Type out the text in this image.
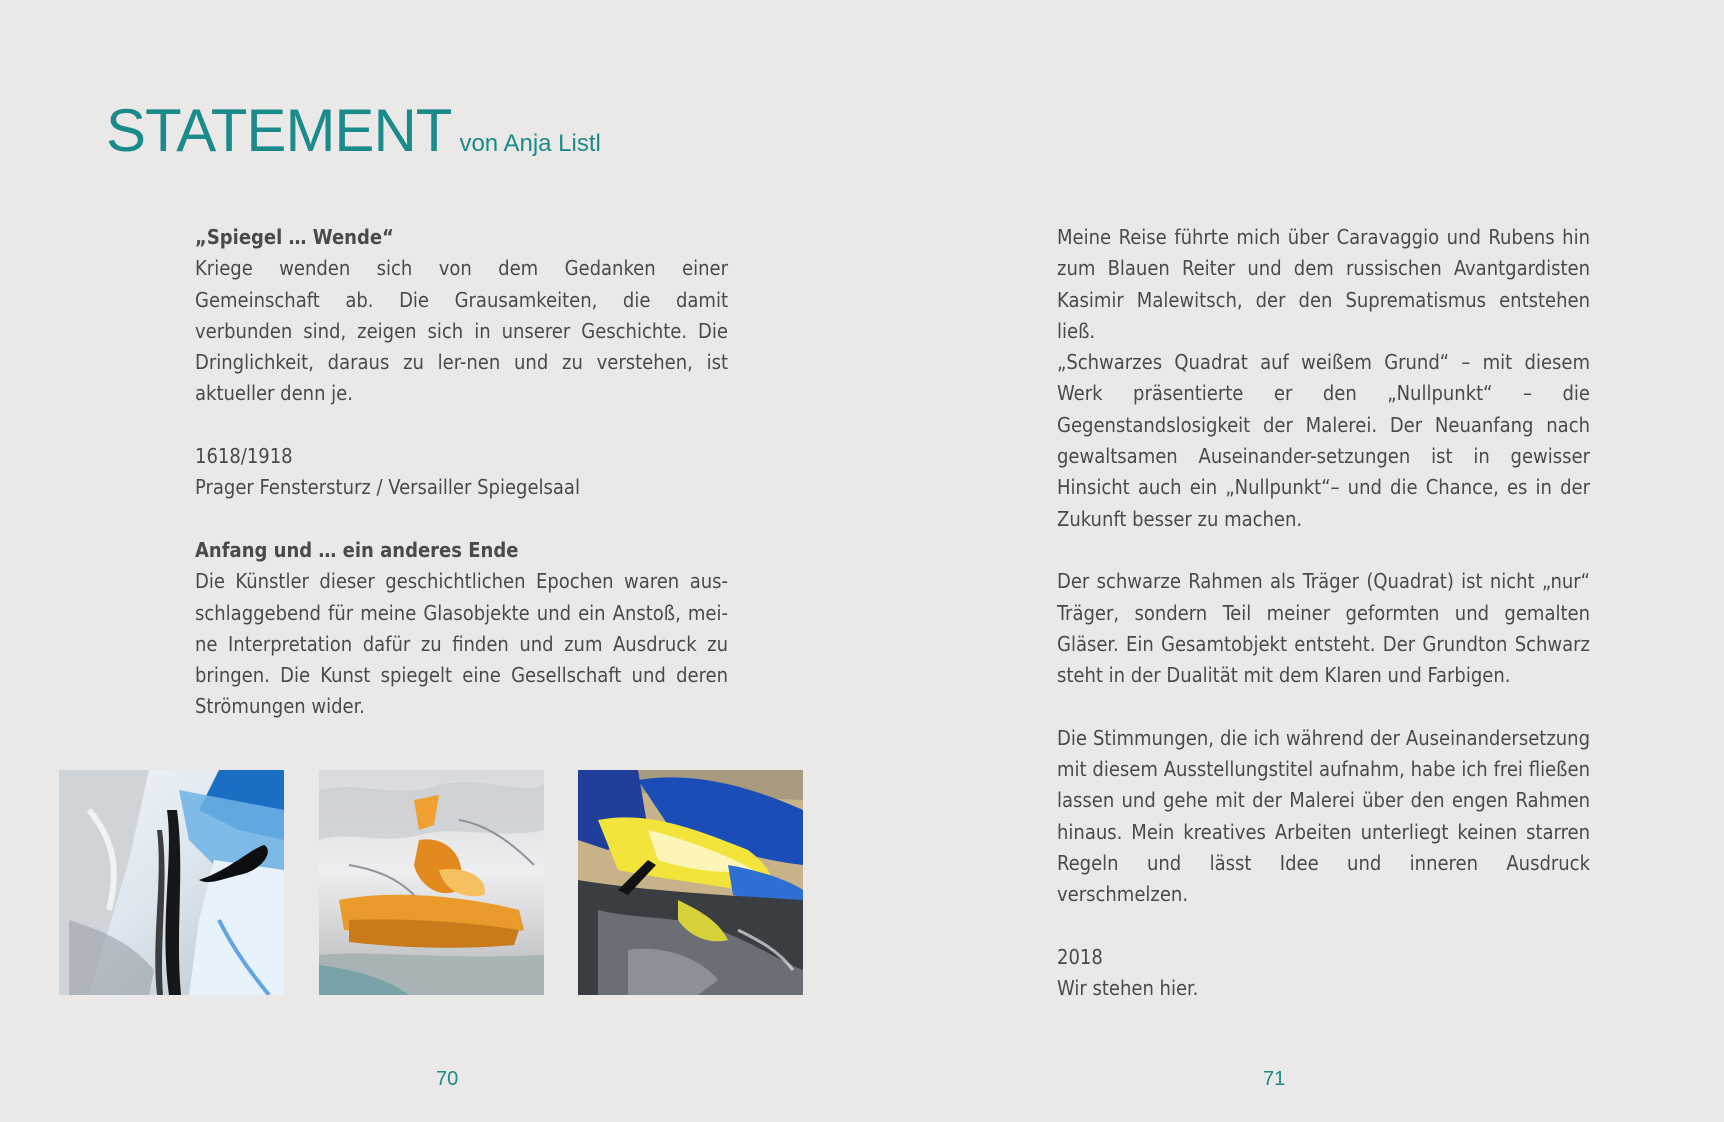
STATEMENT von Anja Listl

„Spiegel … Wende“

Kriege wenden sich von dem Gedanken einer Gemeinschaft ab. Die Grausamkeiten, die damit verbunden sind, zeigen sich in unserer Geschichte. Die Dringlichkeit, daraus zu ler-nen und zu verstehen, ist aktueller denn je.

1618/1918

Prager Fenstersturz / Versailler Spiegelsaal

Anfang und … ein anderes Ende

Die Künstler dieser geschichtlichen Epochen waren aus-schlaggebend für meine Glasobjekte und ein Anstoß, mei-ne Interpretation dafür zu finden und zum Ausdruck zu bringen. Die Kunst spiegelt eine Gesellschaft und deren Strömungen wider.

Meine Reise führte mich über Caravaggio und Rubens hin zum Blauen Reiter und dem russischen Avantgardisten Kasimir Malewitsch, der den Suprematismus entstehen ließ.

„Schwarzes Quadrat auf weißem Grund“ – mit diesem Werk präsentierte er den „Nullpunkt“ – die Gegenstandslosigkeit der Malerei. Der Neuanfang nach gewaltsamen Auseinander-setzungen ist in gewisser Hinsicht auch ein „Nullpunkt“– und die Chance, es in der Zukunft besser zu machen.

Der schwarze Rahmen als Träger (Quadrat) ist nicht „nur“ Träger, sondern Teil meiner geformten und gemalten Gläser. Ein Gesamtobjekt entsteht. Der Grundton Schwarz steht in der Dualität mit dem Klaren und Farbigen.

Die Stimmungen, die ich während der Auseinandersetzung mit diesem Ausstellungstitel aufnahm, habe ich frei fließen lassen und gehe mit der Malerei über den engen Rahmen hinaus. Mein kreatives Arbeiten unterliegt keinen starren Regeln und lässt Idee und inneren Ausdruck verschmelzen.

2018

Wir stehen hier.

70	71
